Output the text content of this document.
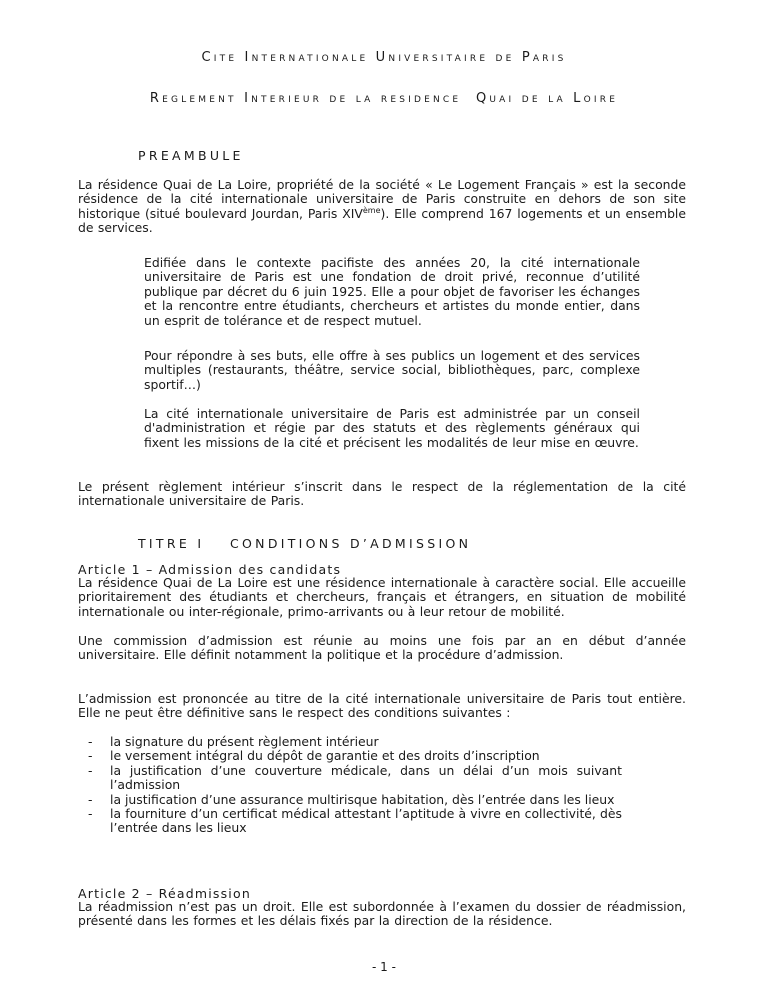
Cite Internationale Universitaire de Paris
Reglement Interieur de la residence  Quai de la Loire
PREAMBULE

La résidence Quai de La Loire, propriété de la société « Le Logement Français » est la seconde résidence de la cité internationale universitaire de Paris construite en dehors de son site historique (situé boulevard Jourdan, Paris XIVème). Elle comprend 167 logements et un ensemble de services.

Edifiée dans le contexte pacifiste des années 20, la cité internationale universitaire de Paris est une fondation de droit privé, reconnue d’utilité publique par décret du 6 juin 1925. Elle a pour objet de favoriser les échanges et la rencontre entre étudiants, chercheurs et artistes du monde entier, dans un esprit de tolérance et de respect mutuel.

Pour répondre à ses buts, elle offre à ses publics un logement et des services multiples (restaurants, théâtre, service social, bibliothèques, parc, complexe sportif…)

La cité internationale universitaire de Paris est administrée par un conseil d'administration et régie par des statuts et des règlements généraux qui fixent les missions de la cité et précisent les modalités de leur mise en œuvre.

Le présent règlement intérieur s’inscrit dans le respect de la réglementation de la cité internationale universitaire de Paris.

TITRE I CONDITIONS D’ADMISSION

Article 1 – Admission des candidats

La résidence Quai de La Loire est une résidence internationale à caractère social. Elle accueille prioritairement des étudiants et chercheurs, français et étrangers, en situation de mobilité internationale ou inter-régionale, primo-arrivants ou à leur retour de mobilité.

Une commission d’admission est réunie au moins une fois par an en début d’année universitaire. Elle définit notamment la politique et la procédure d’admission.

L’admission est prononcée au titre de la cité internationale universitaire de Paris tout entière. Elle ne peut être définitive sans le respect des conditions suivantes :

- la signature du présent règlement intérieur
- le versement intégral du dépôt de garantie et des droits d’inscription
- la justification d’une couverture médicale, dans un délai d’un mois suivant l’admission
- la justification d’une assurance multirisque habitation, dès l’entrée dans les lieux
- la fourniture d’un certificat médical attestant l’aptitude à vivre en collectivité, dès l’entrée dans les lieux

Article 2 – Réadmission

La réadmission n’est pas un droit. Elle est subordonnée à l’examen du dossier de réadmission, présenté dans les formes et les délais fixés par la direction de la résidence.

- 1 -
